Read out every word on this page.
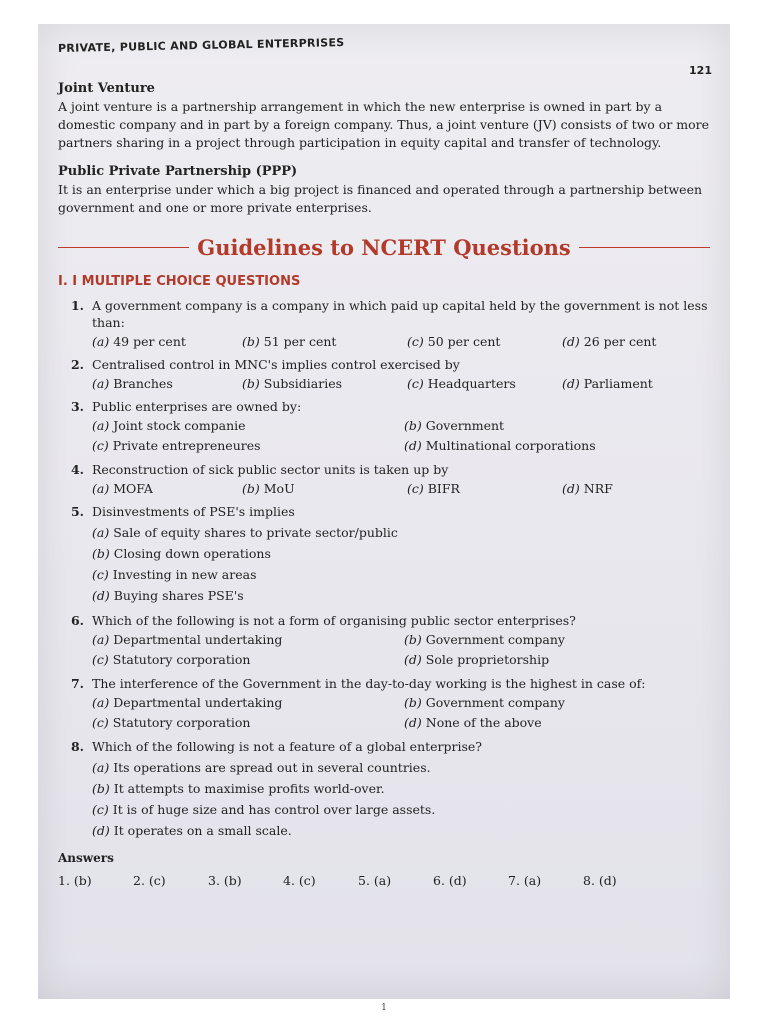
PRIVATE, PUBLIC AND GLOBAL ENTERPRISES
121
Joint Venture

A joint venture is a partnership arrangement in which the new enterprise is owned in part by a domestic company and in part by a foreign company. Thus, a joint venture (JV) consists of two or more partners sharing in a project through participation in equity capital and transfer of technology.

Public Private Partnership (PPP)

It is an enterprise under which a big project is financed and operated through a partnership between government and one or more private enterprises.

Guidelines to NCERT Questions
I. I MULTIPLE CHOICE QUESTIONS
1. A government company is a company in which paid up capital held by the government is not less than:
(a) 49 per cent	(b) 51 per cent	(c) 50 per cent	(d) 26 per cent
2. Centralised control in MNC's implies control exercised by
(a) Branches	(b) Subsidiaries	(c) Headquarters	(d) Parliament
3. Public enterprises are owned by:
(a) Joint stock companie	(b) Government
(c) Private entrepreneures	(d) Multinational corporations
4. Reconstruction of sick public sector units is taken up by
(a) MOFA	(b) MoU	(c) BIFR	(d) NRF
5. Disinvestments of PSE's implies
(a) Sale of equity shares to private sector/public
(b) Closing down operations
(c) Investing in new areas
(d) Buying shares PSE's
6. Which of the following is not a form of organising public sector enterprises?
(a) Departmental undertaking	(b) Government company
(c) Statutory corporation	(d) Sole proprietorship
7. The interference of the Government in the day-to-day working is the highest in case of:
(a) Departmental undertaking	(b) Government company
(c) Statutory corporation	(d) None of the above
8. Which of the following is not a feature of a global enterprise?
(a) Its operations are spread out in several countries.
(b) It attempts to maximise profits world-over.
(c) It is of huge size and has control over large assets.
(d) It operates on a small scale.
Answers
1. (b)	2. (c)	3. (b)	4. (c)	5. (a)	6. (d)	7. (a)	8. (d)
1
